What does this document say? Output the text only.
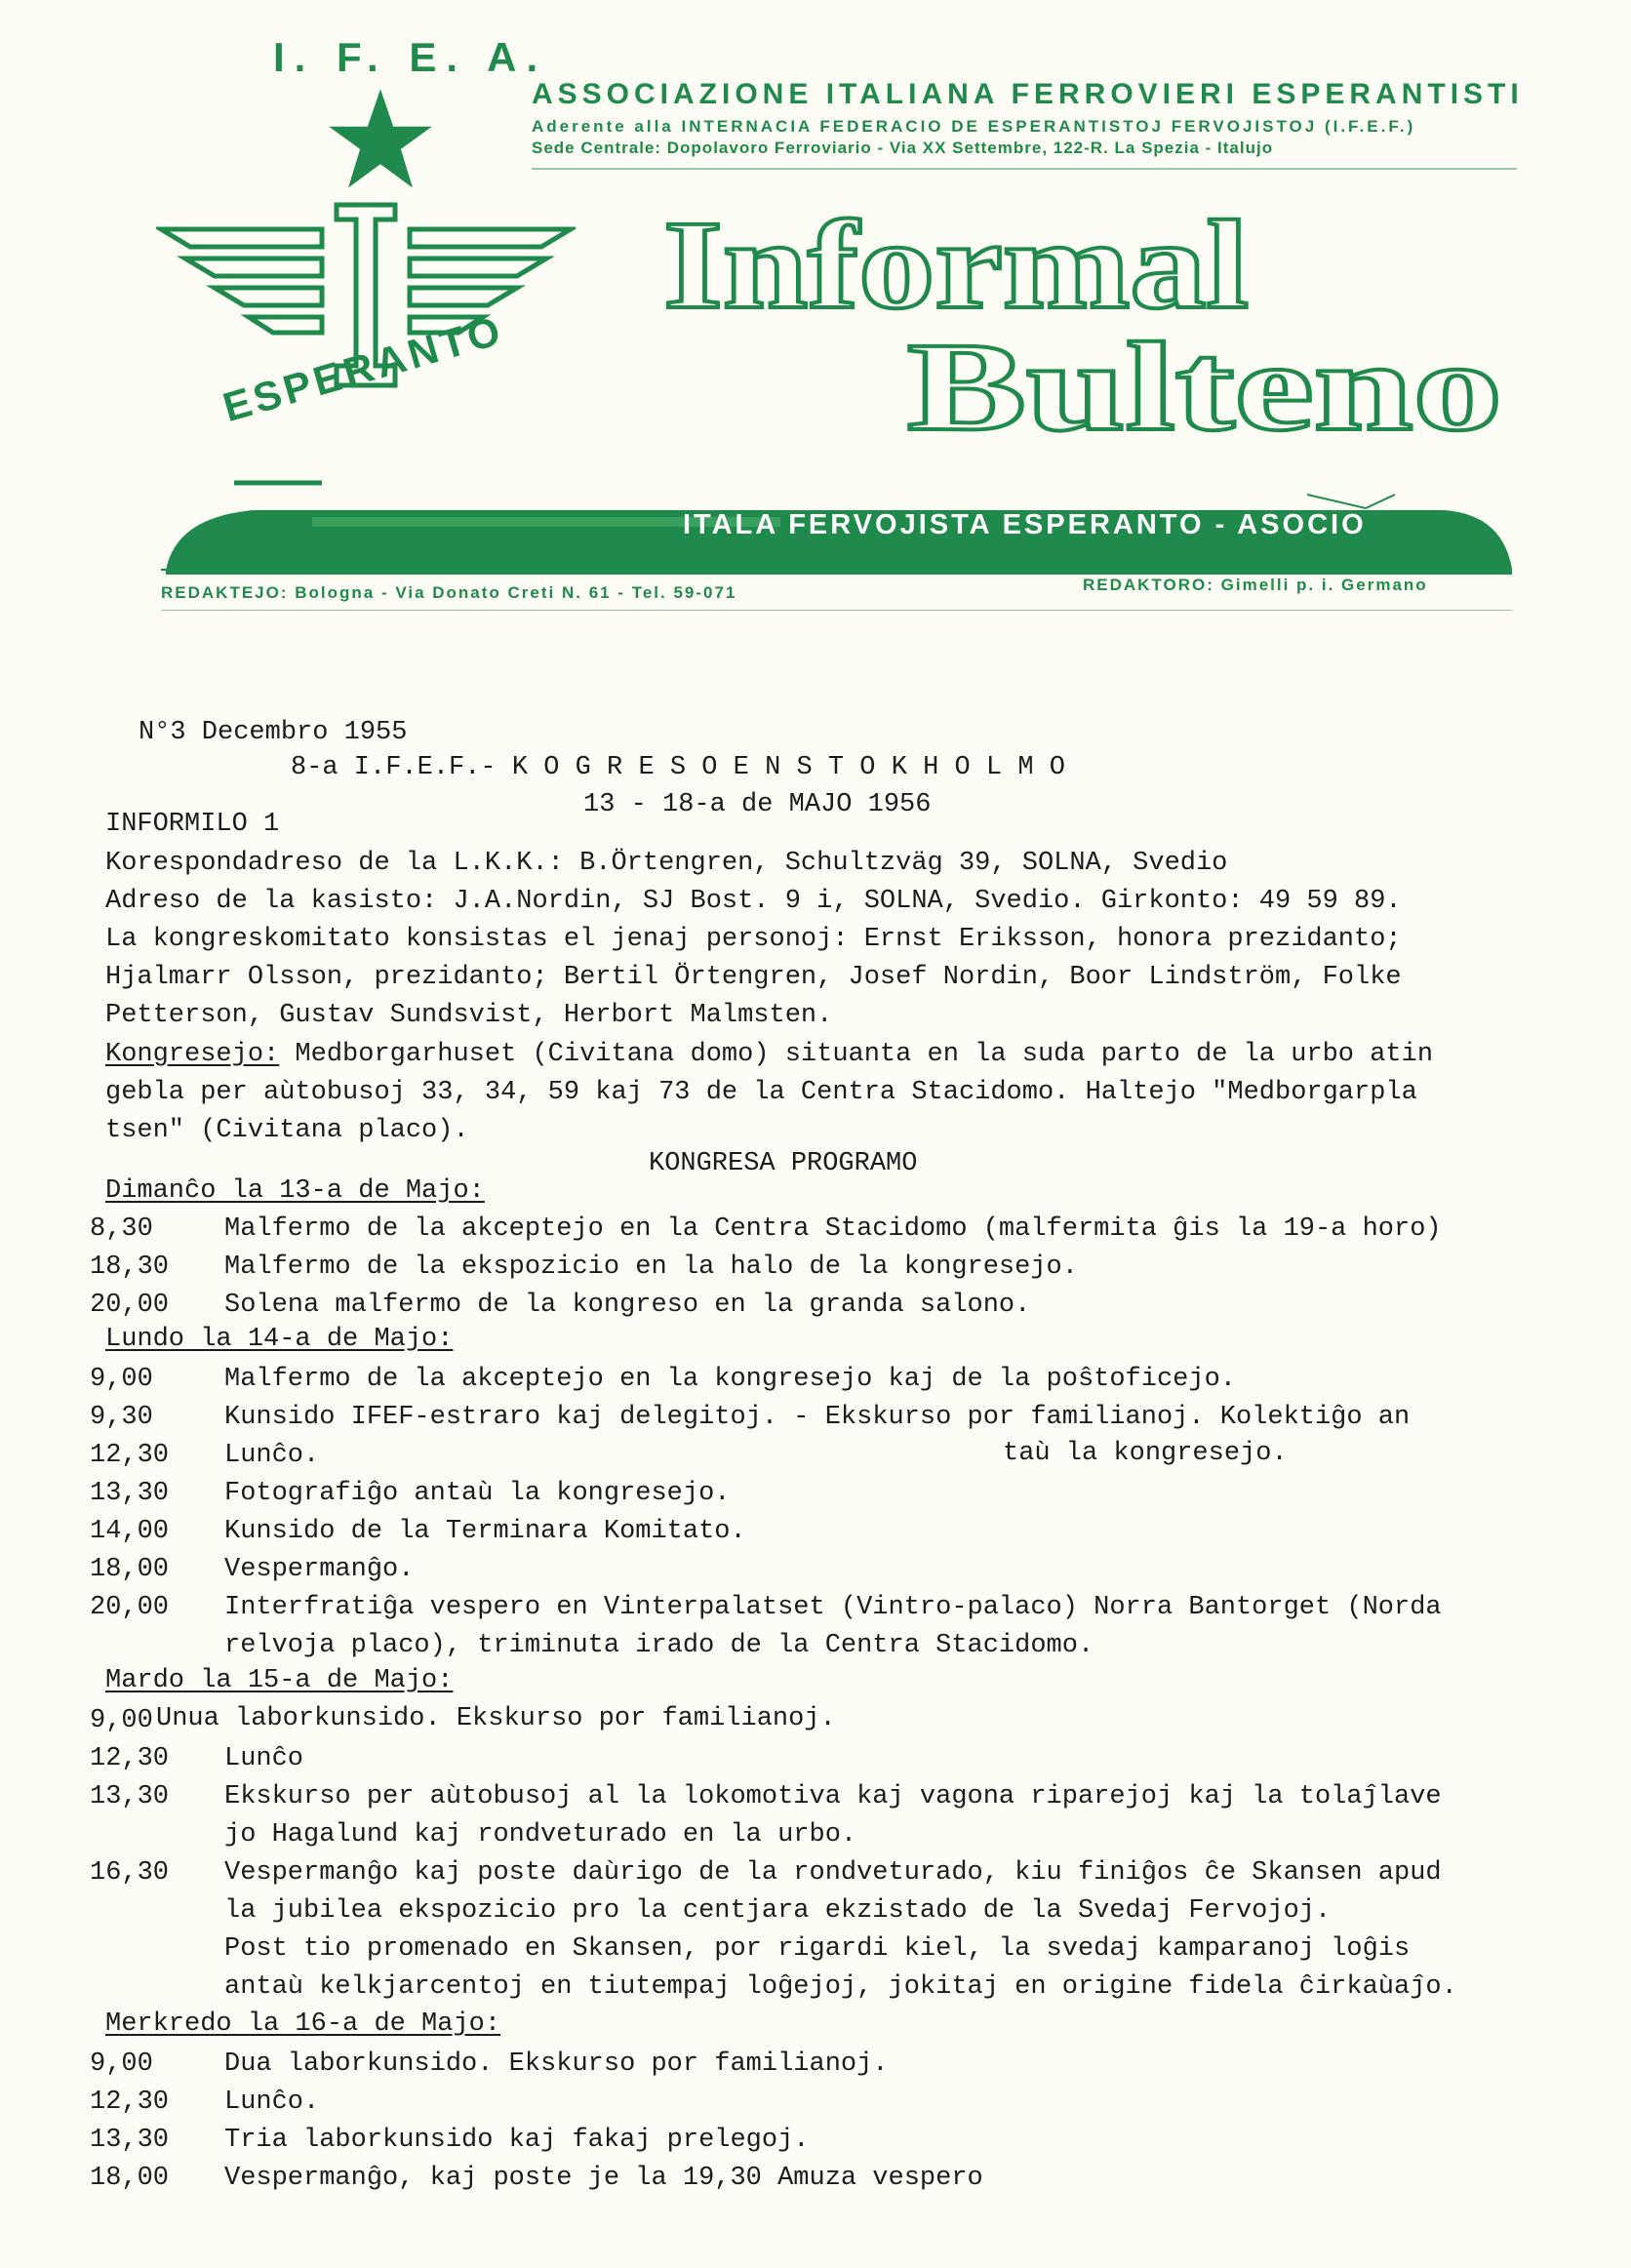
I. F. E. A.
ASSOCIAZIONE ITALIANA FERROVIERI ESPERANTISTI
Aderente alla INTERNACIA FEDERACIO DE ESPERANTISTOJ FERVOJISTOJ (I.F.E.F.)
Sede Centrale: Dopolavoro Ferroviario - Via XX Settembre, 122-R. La Spezia - Italujo
ESPERANTO
Informal
Bulteno
ITALA FERVOJISTA ESPERANTO - ASOCIO
REDAKTEJO: Bologna - Via Donato Creti N. 61 - Tel. 59-071	REDAKTORO: Gimelli p. i. Germano
N°3 Decembro 1955
8-a I.F.E.F.- K O G R E S O E N S T O K H O L M O
13 - 18-a de MAJO 1956
INFORMILO 1
Korespondadreso de la L.K.K.: B.Örtengren, Schultzväg 39, SOLNA, Svedio
Adreso de la kasisto: J.A.Nordin, SJ Bost. 9 i, SOLNA, Svedio. Girkonto: 49 59 89.
La kongreskomitato konsistas el jenaj personoj: Ernst Eriksson, honora prezidanto;
Hjalmarr Olsson, prezidanto; Bertil Örtengren, Josef Nordin, Boor Lindström, Folke
Petterson, Gustav Sundsvist, Herbort Malmsten.
Kongresejo: Medborgarhuset (Civitana domo) situanta en la suda parto de la urbo atin
gebla per aùtobusoj 33, 34, 59 kaj 73 de la Centra Stacidomo. Haltejo "Medborgarpla
tsen" (Civitana placo).
KONGRESA PROGRAMO
Dimanĉo la 13-a de Majo:
8,30	Malfermo de la akceptejo en la Centra Stacidomo (malfermita ĝis la 19-a horo)
18,30 Malfermo de la ekspozicio en la halo de la kongresejo.
20,00 Solena malfermo de la kongreso en la granda salono.
Lundo la 14-a de Majo:
9,00	Malfermo de la akceptejo en la kongresejo kaj de la poŝtoficejo.
9,30	Kunsido IFEF-estraro kaj delegitoj. - Ekskurso por familianoj. Kolektiĝo an
12,30 Lunĉo.	taù la kongresejo.
13,30 Fotografiĝo antaù la kongresejo.
14,00 Kunsido de la Terminara Komitato.
18,00 Vespermanĝo.
20,00 Interfratiĝa vespero en Vinterpalatset (Vintro-palaco) Norra Bantorget (Norda
relvoja placo), triminuta irado de la Centra Stacidomo.
Mardo la 15-a de Majo:
9,00 Unua laborkunsido. Ekskurso por familianoj.
12,30 Lunĉo
13,30 Ekskurso per aùtobusoj al la lokomotiva kaj vagona riparejoj kaj la tolaĵlave
jo Hagalund kaj rondveturado en la urbo.
16,30 Vespermanĝo kaj poste daùrigo de la rondveturado, kiu finiĝos ĉe Skansen apud
la jubilea ekspozicio pro la centjara ekzistado de la Svedaj Fervojoj.
Post tio promenado en Skansen, por rigardi kiel, la svedaj kamparanoj loĝis
antaù kelkjarcentoj en tiutempaj loĝejoj, jokitaj en origine fidela ĉirkaùaĵo.
Merkredo la 16-a de Majo:
9,00	Dua laborkunsido. Ekskurso por familianoj.
12,30 Lunĉo.
13,30 Tria laborkunsido kaj fakaj prelegoj.
18,00 Vespermanĝo, kaj poste je la 19,30 Amuza vespero
